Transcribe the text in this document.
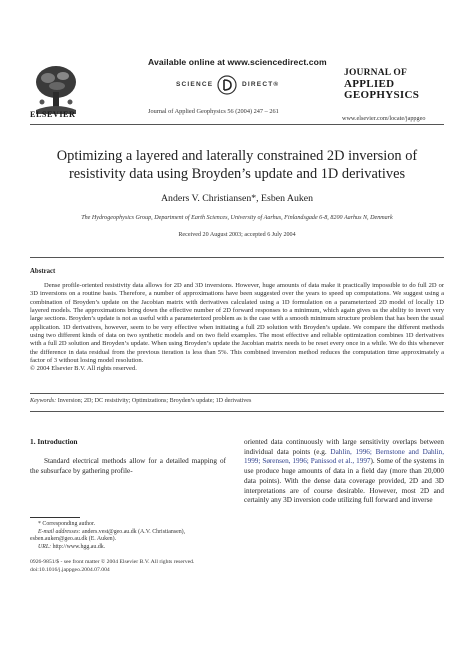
Available online at www.sciencedirect.com
SCIENCE	DIRECT®
Journal of Applied Geophysics 56 (2004) 247 – 261
ELSEVIER
JOURNAL OF
APPLIED
GEOPHYSICS
www.elsevier.com/locate/jappgeo
Optimizing a layered and laterally constrained 2D inversion of
resistivity data using Broyden’s update and 1D derivatives
Anders V. Christiansen*, Esben Auken
The Hydrogeophysics Group, Department of Earth Sciences, University of Aarhus, Finlandsgade 6-8, 8200 Aarhus N, Denmark
Received 20 August 2003; accepted 6 July 2004
Abstract

Dense profile-oriented resistivity data allows for 2D and 3D inversions. However, huge amounts of data make it practically impossible to do full 2D or 3D inversions on a routine basis. Therefore, a number of approximations have been suggested over the years to speed up computations. We suggest using a combination of Broyden’s update on the Jacobian matrix with derivatives calculated using a 1D formulation on a parameterized 2D model of locally 1D layered models. The approximations bring down the effective number of 2D forward responses to a minimum, which again gives us the ability to invert very large sections. Broyden’s update is not as useful with a parameterized problem as is the case with a smooth minimum structure problem that has been the usual application. 1D derivatives, however, seem to be very effective when initiating a full 2D solution with Broyden’s update. We compare the different methods using two different kinds of data on two synthetic models and on two field examples. The most effective and reliable optimization combines 1D derivatives with a full 2D solution and Broyden’s update. When using Broyden’s update the Jacobian matrix needs to be reset every once in a while. We do this whenever the difference in data residual from the previous iteration is less than 5%. This combined inversion method reduces the computation time approximately a factor of 3 without losing model resolution.

© 2004 Elsevier B.V. All rights reserved.
Keywords: Inversion; 2D; DC resistivity; Optimizations; Broyden’s update; 1D derivatives
1. Introduction

Standard electrical methods allow for a detailed mapping of the subsurface by gathering profile-

oriented data continuously with large sensitivity overlaps between individual data points (e.g. Dahlin, 1996; Bernstone and Dahlin, 1999; Sørensen, 1996; Panissod et al., 1997). Some of the systems in use produce huge amounts of data in a field day (more than 20,000 data points). With the dense data coverage provided, 2D and 3D interpretations are of course desirable. However, most 2D and certainly any 3D inversion code utilizing full forward and inverse

* Corresponding author.

E-mail addresses: anders.vest@geo.au.dk (A.V. Christiansen),

esben.auken@geo.au.dk (E. Auken).

URL: http://www.hgg.au.dk.

0926-9851/$ - see front matter © 2004 Elsevier B.V. All rights reserved.
doi:10.1016/j.jappgeo.2004.07.004
